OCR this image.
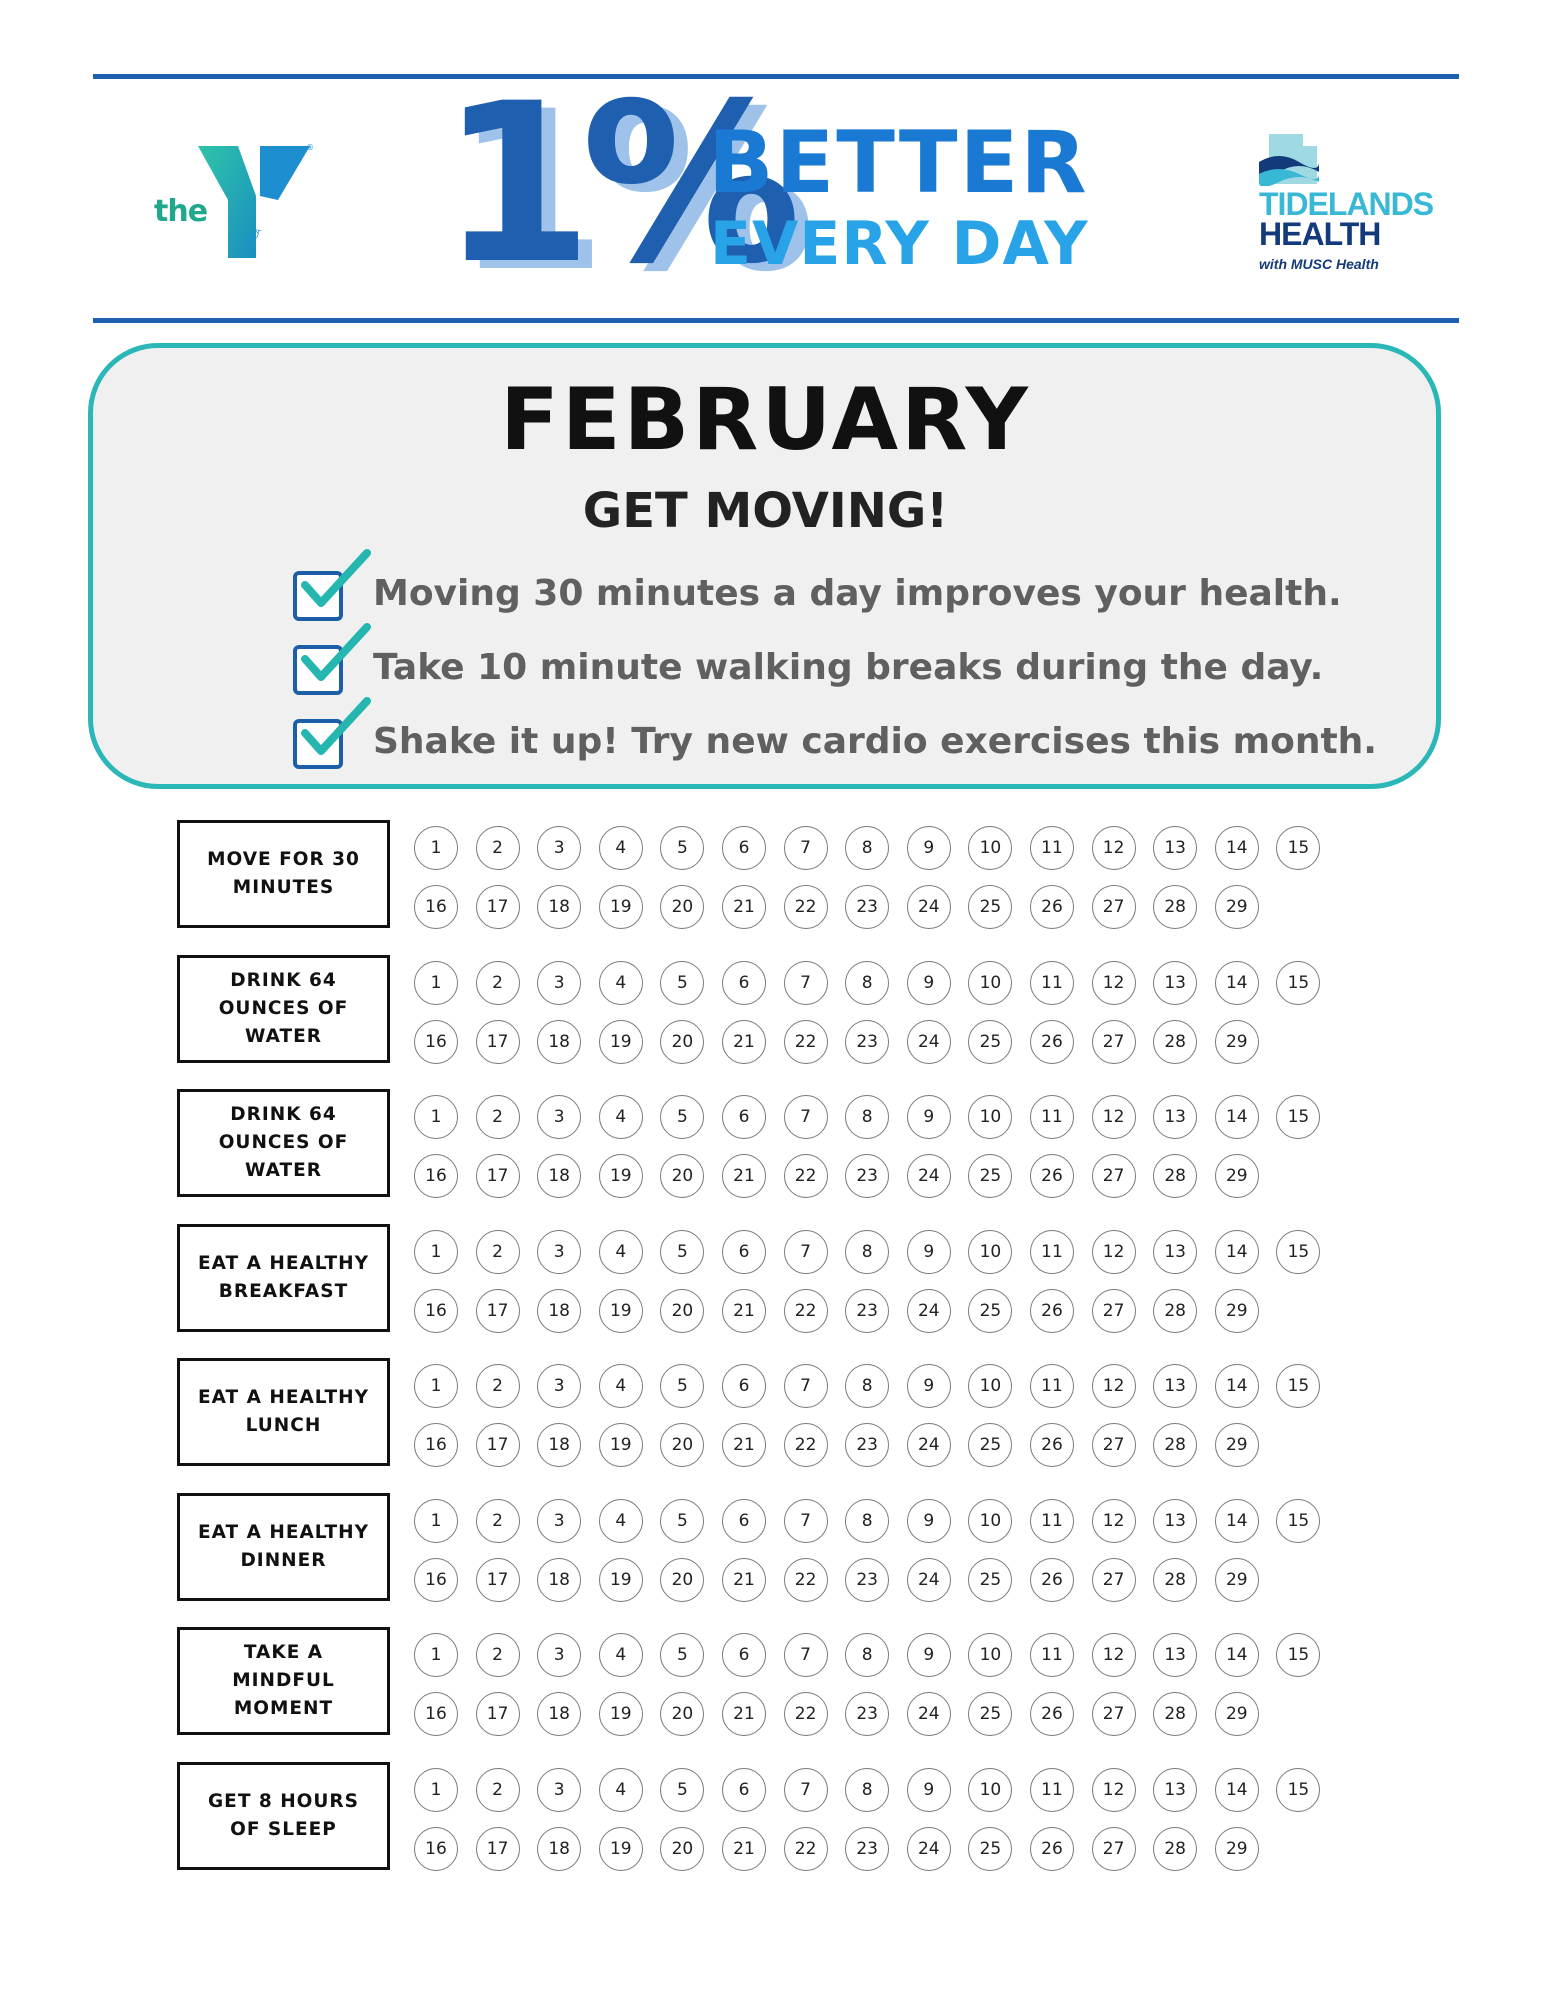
the
YMCA
® 1%
BETTER
EVERY DAY
TIDELANDS
HEALTH
with MUSC Health
FEBRUARY
GET MOVING!
Moving 30 minutes a day improves your health.
Take 10 minute walking breaks during the day.
Shake it up! Try new cardio exercises this month.
MOVE FOR 30 MINUTES
1	2	3	4	5	6	7	8	9	10	11	12	13	14	15
16	17	18	19	20	21	22	23	24	25	26	27	28	29
DRINK 64 OUNCES OF WATER
1	2	3	4	5	6	7	8	9	10	11	12	13	14	15
16	17	18	19	20	21	22	23	24	25	26	27	28	29
DRINK 64 OUNCES OF WATER
1	2	3	4	5	6	7	8	9	10	11	12	13	14	15
16	17	18	19	20	21	22	23	24	25	26	27	28	29
EAT A HEALTHY BREAKFAST
1	2	3	4	5	6	7	8	9	10	11	12	13	14	15
16	17	18	19	20	21	22	23	24	25	26	27	28	29
EAT A HEALTHY LUNCH
1	2	3	4	5	6	7	8	9	10	11	12	13	14	15
16	17	18	19	20	21	22	23	24	25	26	27	28	29
EAT A HEALTHY DINNER
1	2	3	4	5	6	7	8	9	10	11	12	13	14	15
16	17	18	19	20	21	22	23	24	25	26	27	28	29
TAKE A MINDFUL MOMENT
1	2	3	4	5	6	7	8	9	10	11	12	13	14	15
16	17	18	19	20	21	22	23	24	25	26	27	28	29
GET 8 HOURS OF SLEEP
1	2	3	4	5	6	7	8	9	10	11	12	13	14	15
16	17	18	19	20	21	22	23	24	25	26	27	28	29
